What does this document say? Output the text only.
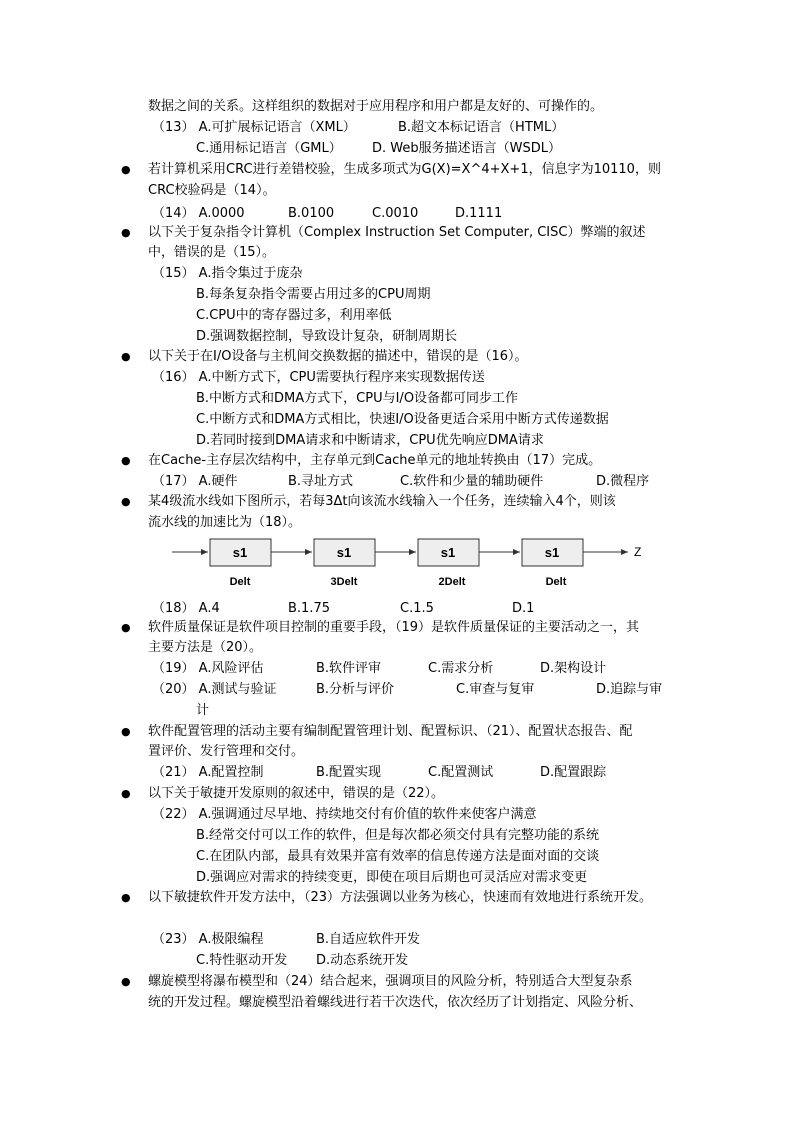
数据之间的关系。这样组织的数据对于应用程序和用户都是友好的、可操作的。
（13） A.可扩展标记语言（XML）	B.超文本标记语言（HTML）
C.通用标记语言（GML） D. Web服务描述语言（WSDL）
● 若计算机采用CRC进行差错校验，生成多项式为G(X)=X^4+X+1，信息字为10110，则
CRC校验码是（14）。
（14） A.0000	B.0100	C.0010	D.1111
● 以下关于复杂指令计算机（Complex Instruction Set Computer, CISC）弊端的叙述
中，错误的是（15）。
（15） A.指令集过于庞杂
B.每条复杂指令需要占用过多的CPU周期
C.CPU中的寄存器过多，利用率低
D.强调数据控制，导致设计复杂，研制周期长
● 以下关于在I/O设备与主机间交换数据的描述中，错误的是（16）。
（16） A.中断方式下，CPU需要执行程序来实现数据传送
B.中断方式和DMA方式下，CPU与I/O设备都可同步工作
C.中断方式和DMA方式相比，快速I/O设备更适合采用中断方式传递数据
D.若同时接到DMA请求和中断请求，CPU优先响应DMA请求
● 在Cache-主存层次结构中，主存单元到Cache单元的地址转换由（17）完成。
（17） A.硬件	B.寻址方式	C.软件和少量的辅助硬件	D.微程序
● 某4级流水线如下图所示，若每3Δt向该流水线输入一个任务，连续输入4个，则该
流水线的加速比为（18）。
s1	s1	s1	s1
Delt	3Delt	2Delt	Delt
Z
（18） A.4	B.1.75	C.1.5	D.1
● 软件质量保证是软件项目控制的重要手段，（19）是软件质量保证的主要活动之一，其
主要方法是（20）。
（19） A.风险评估	B.软件评审	C.需求分析	D.架构设计
（20） A.测试与验证	B.分析与评价	C.审查与复审	D.追踪与审
计
● 软件配置管理的活动主要有编制配置管理计划、配置标识、（21）、配置状态报告、配
置评价、发行管理和交付。
（21） A.配置控制	B.配置实现	C.配置测试	D.配置跟踪
● 以下关于敏捷开发原则的叙述中，错误的是（22）。
（22） A.强调通过尽早地、持续地交付有价值的软件来使客户满意
B.经常交付可以工作的软件，但是每次都必须交付具有完整功能的系统
C.在团队内部，最具有效果并富有效率的信息传递方法是面对面的交谈
D.强调应对需求的持续变更，即使在项目后期也可灵活应对需求变更
● 以下敏捷软件开发方法中，（23）方法强调以业务为核心，快速而有效地进行系统开发。
（23） A.极限编程	B.自适应软件开发
C.特性驱动开发 D.动态系统开发
● 螺旋模型将瀑布模型和（24）结合起来，强调项目的风险分析，特别适合大型复杂系
统的开发过程。螺旋模型沿着螺线进行若干次迭代，依次经历了计划指定、风险分析、
